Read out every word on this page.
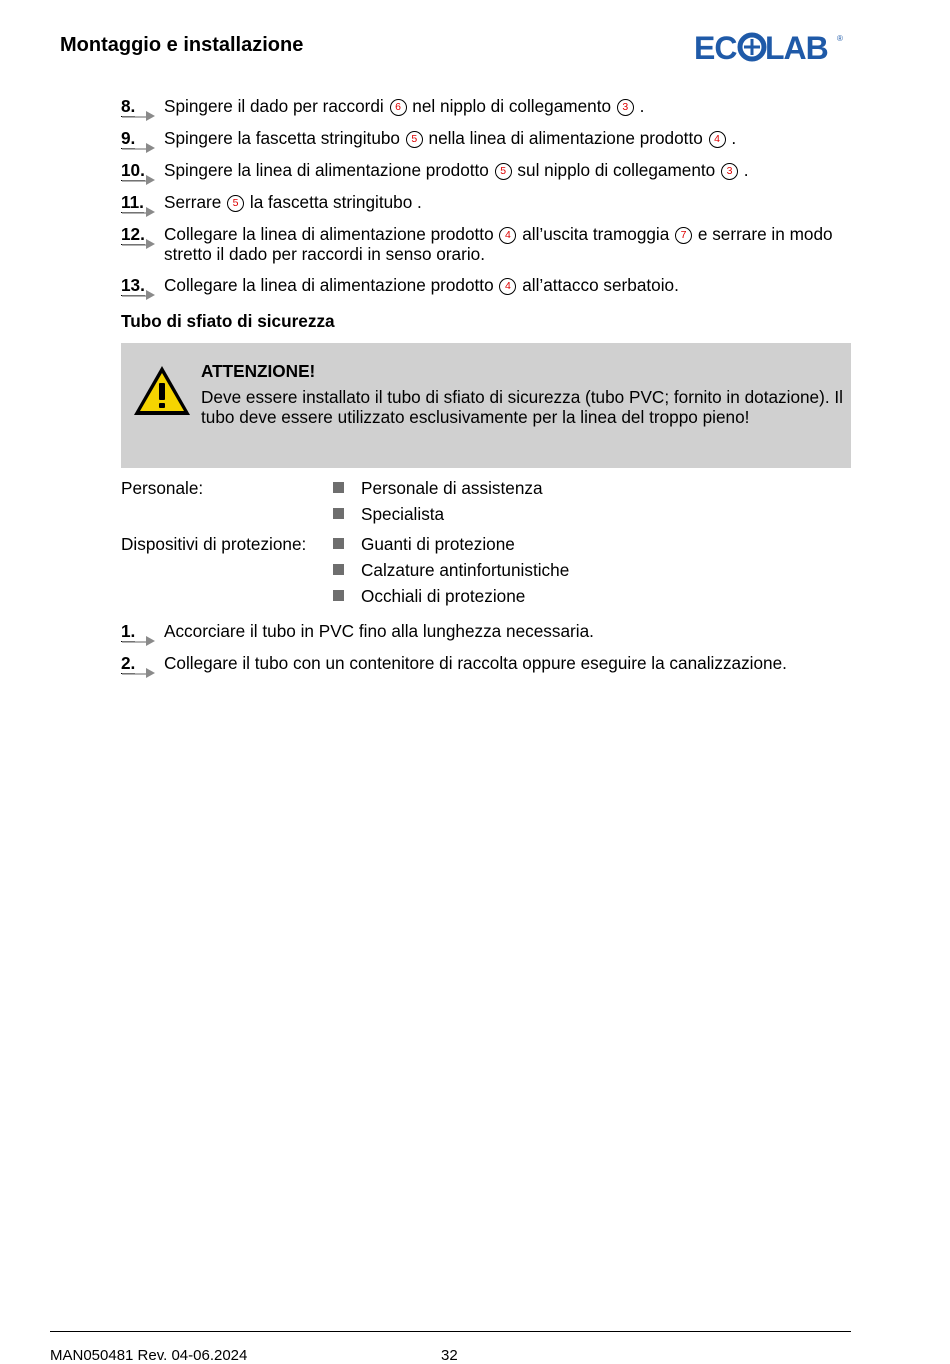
Montaggio e installazione	EC LAB ®
8.	Spingere il dado per raccordi 6 nel nipplo di collegamento 3 .
9.	Spingere la fascetta stringitubo 5 nella linea di alimentazione prodotto 4 .
10.	Spingere la linea di alimentazione prodotto 5 sul nipplo di collegamento 3 .
11.	Serrare 5 la fascetta stringitubo .
12.	Collegare la linea di alimentazione prodotto 4 all’uscita tramoggia 7 e serrare in modo stretto il dado per raccordi in senso orario.
13.	Collegare la linea di alimentazione prodotto 4 all’attacco serbatoio.
Tubo di sfiato di sicurezza
ATTENZIONE!
Deve essere installato il tubo di sfiato di sicurezza (tubo PVC; fornito in dotazione). Il tubo deve essere utilizzato esclusivamente per la linea del troppo pieno!
Personale:	Personale di assistenza
Specialista
Dispositivi di protezione:	Guanti di protezione
Calzature antinfortunistiche
Occhiali di protezione
1.	Accorciare il tubo in PVC fino alla lunghezza necessaria.
2.	Collegare il tubo con un contenitore di raccolta oppure eseguire la canalizzazione.
MAN050481 Rev. 04-06.2024	32
